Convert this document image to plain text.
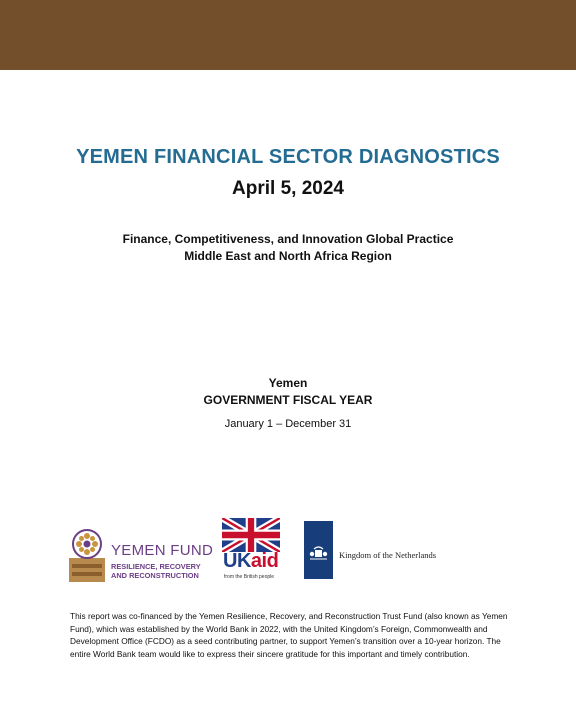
YEMEN FINANCIAL SECTOR DIAGNOSTICS
April 5, 2024
Finance, Competitiveness, and Innovation Global Practice
Middle East and North Africa Region
Yemen
GOVERNMENT FISCAL YEAR
January 1 – December 31
YEMEN FUND
RESILIENCE, RECOVERY
AND RECONSTRUCTION
UKaid
from the British people
Kingdom of the Netherlands
This report was co-financed by the Yemen Resilience, Recovery, and Reconstruction Trust Fund (also known as Yemen Fund), which was established by the World Bank in 2022, with the United Kingdom’s Foreign, Commonwealth and Development Office (FCDO) as a seed contributing partner, to support Yemen’s transition over a 10-year horizon. The entire World Bank team would like to express their sincere gratitude for this important and timely contribution.
